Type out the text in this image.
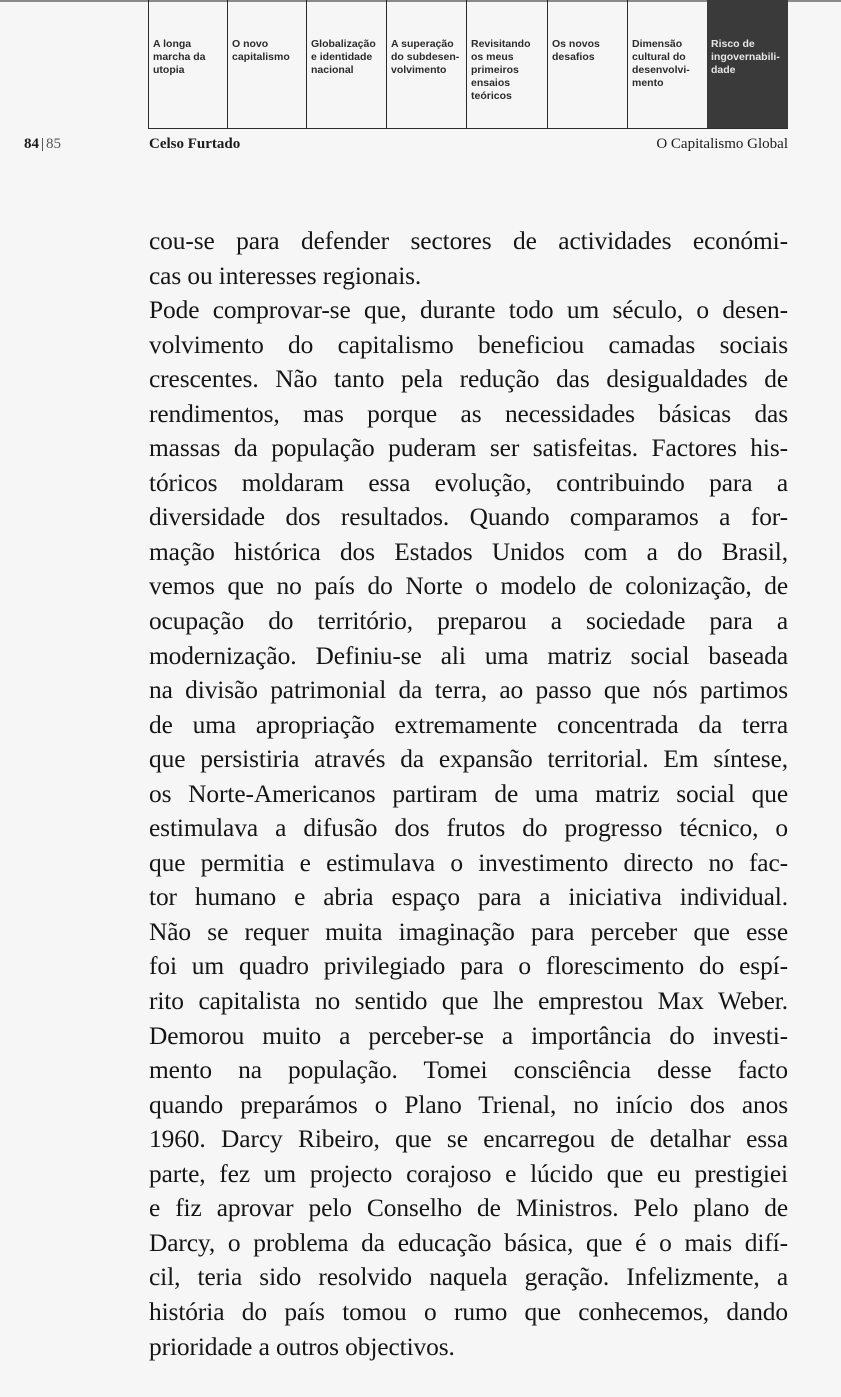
A longa
marcha da
utopia
O novo
capitalismo
Globalização
e identidade
nacional
A superação
do subdesen-
volvimento
Revisitando
os meus
primeiros
ensaios
teóricos
Os novos
desafios
Dimensão
cultural do
desenvolvi-
mento
Risco de
ingovernabili-
dade
84 | 85	Celso Furtado	O Capitalismo Global
cou-se para defender sectores de actividades económi-
cas ou interesses regionais.
Pode comprovar-se que, durante todo um século, o desen-
volvimento do capitalismo beneficiou camadas sociais
crescentes. Não tanto pela redução das desigualdades de
rendimentos, mas porque as necessidades básicas das
massas da população puderam ser satisfeitas. Factores his-
tóricos moldaram essa evolução, contribuindo para a
diversidade dos resultados. Quando comparamos a for-
mação histórica dos Estados Unidos com a do Brasil,
vemos que no país do Norte o modelo de colonização, de
ocupação do território, preparou a sociedade para a
modernização. Definiu-se ali uma matriz social baseada
na divisão patrimonial da terra, ao passo que nós partimos
de uma apropriação extremamente concentrada da terra
que persistiria através da expansão territorial. Em síntese,
os Norte-Americanos partiram de uma matriz social que
estimulava a difusão dos frutos do progresso técnico, o
que permitia e estimulava o investimento directo no fac-
tor humano e abria espaço para a iniciativa individual.
Não se requer muita imaginação para perceber que esse
foi um quadro privilegiado para o florescimento do espí-
rito capitalista no sentido que lhe emprestou Max Weber.
Demorou muito a perceber-se a importância do investi-
mento na população. Tomei consciência desse facto
quando preparámos o Plano Trienal, no início dos anos
1960. Darcy Ribeiro, que se encarregou de detalhar essa
parte, fez um projecto corajoso e lúcido que eu prestigiei
e fiz aprovar pelo Conselho de Ministros. Pelo plano de
Darcy, o problema da educação básica, que é o mais difí-
cil, teria sido resolvido naquela geração. Infelizmente, a
história do país tomou o rumo que conhecemos, dando
prioridade a outros objectivos.
